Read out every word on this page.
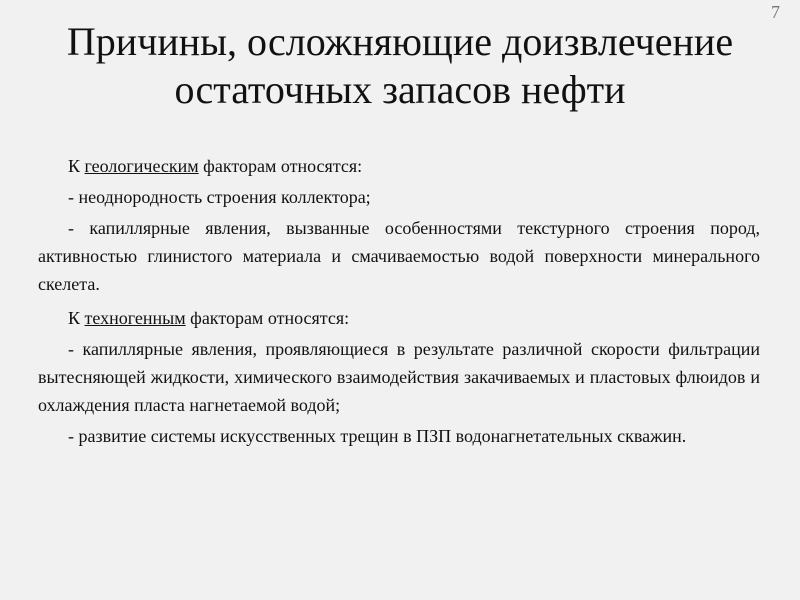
7
Причины, осложняющие доизвлечение
остаточных запасов нефти

К геологическим факторам относятся:

- неоднородность строения коллектора;

- капиллярные явления, вызванные особенностями текстурного строения пород, активностью глинистого материала и смачиваемостью водой поверхности минерального скелета.

К техногенным факторам относятся:

- капиллярные явления, проявляющиеся в результате различной скорости фильтрации вытесняющей жидкости, химического взаимодействия закачиваемых и пластовых флюидов и охлаждения пласта нагнетаемой водой;

- развитие системы искусственных трещин в ПЗП водонагнетательных скважин.
